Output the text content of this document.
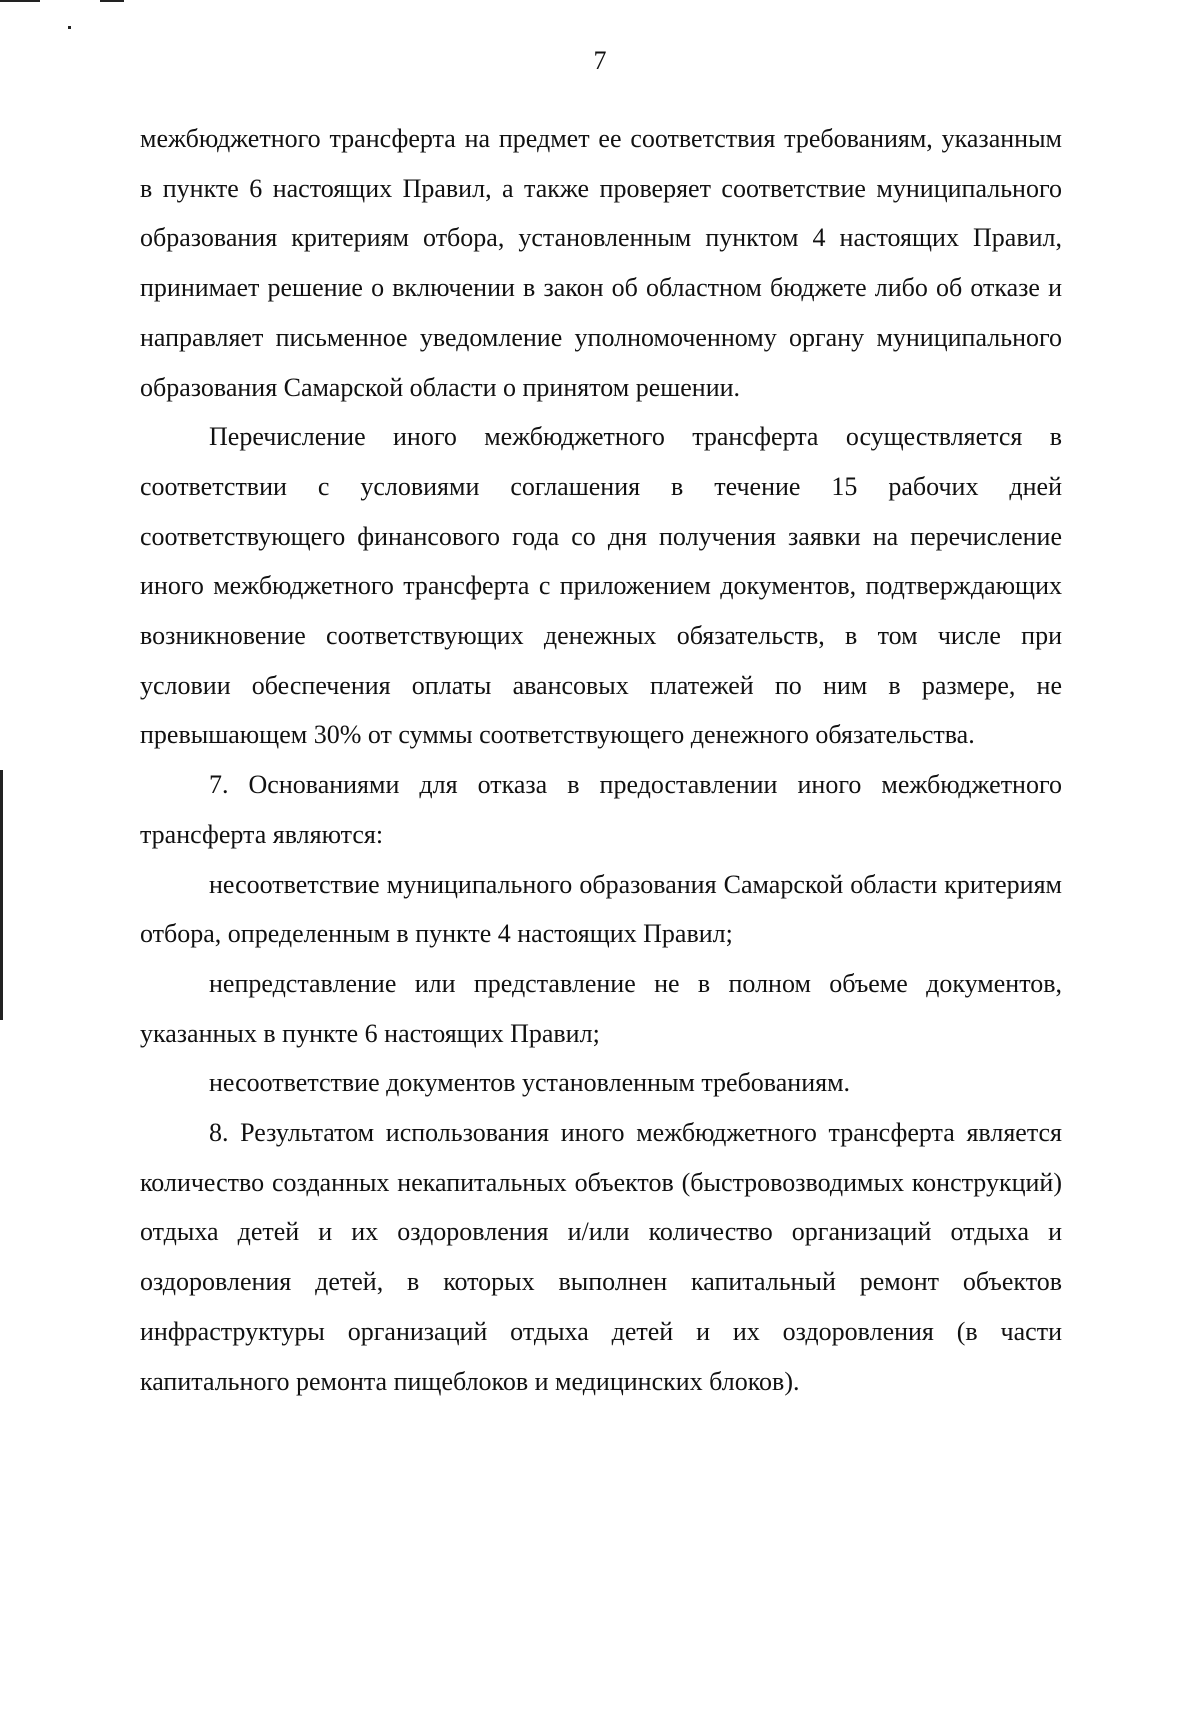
7

межбюджетного трансферта на предмет ее соответствия требованиям, указанным в пункте 6 настоящих Правил, а также проверяет соответствие муниципального образования критериям отбора, установленным пунктом 4 настоящих Правил, принимает решение о включении в закон об областном бюджете либо об отказе и направляет письменное уведомление уполномоченному органу муниципального образования Самарской области о принятом решении.

Перечисление иного межбюджетного трансферта осуществляется в соответствии с условиями соглашения в течение 15 рабочих дней соответствующего финансового года со дня получения заявки на перечисление иного межбюджетного трансферта с приложением документов, подтверждающих возникновение соответствующих денежных обязательств, в том числе при условии обеспечения оплаты авансовых платежей по ним в размере, не превышающем 30% от суммы соответствующего денежного обязательства.

7. Основаниями для отказа в предоставлении иного межбюджетного трансферта являются:

несоответствие муниципального образования Самарской области критериям отбора, определенным в пункте 4 настоящих Правил;

непредставление или представление не в полном объеме документов, указанных в пункте 6 настоящих Правил;

несоответствие документов установленным требованиям.

8. Результатом использования иного межбюджетного трансферта является количество созданных некапитальных объектов (быстровозводимых конструкций) отдыха детей и их оздоровления и/или количество организаций отдыха и оздоровления детей, в которых выполнен капитальный ремонт объектов инфраструктуры организаций отдыха детей и их оздоровления (в части капитального ремонта пищеблоков и медицинских блоков).
